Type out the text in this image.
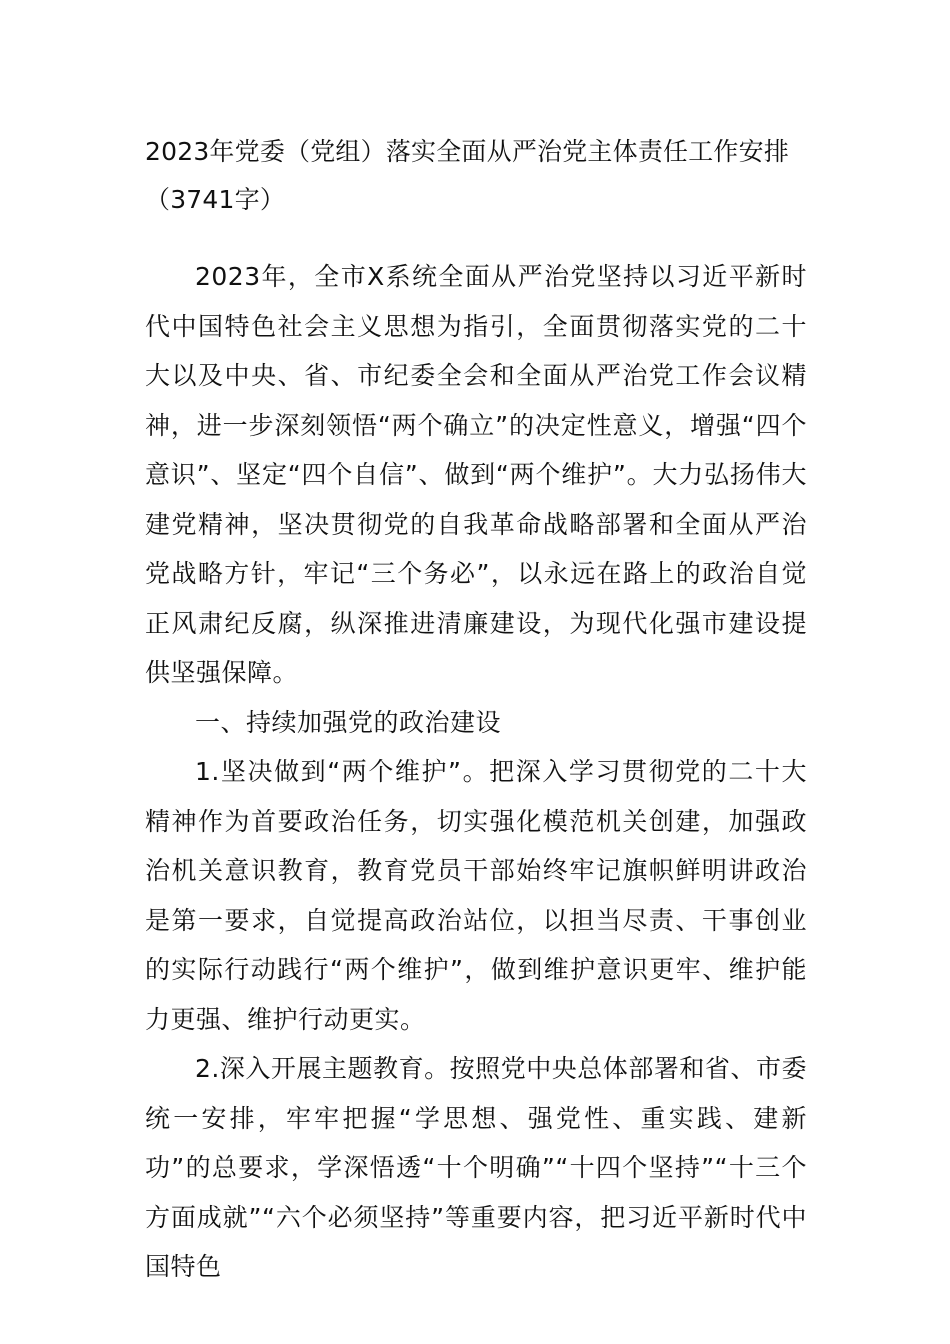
2023年党委（党组）落实全面从严治党主体责任工作安排（3741字）

2023年，全市X系统全面从严治党坚持以习近平新时代中国特色社会主义思想为指引，全面贯彻落实党的二十大以及中央、省、市纪委全会和全面从严治党工作会议精神，进一步深刻领悟“两个确立”的决定性意义，增强“四个意识”、坚定“四个自信”、做到“两个维护”。大力弘扬伟大建党精神，坚决贯彻党的自我革命战略部署和全面从严治党战略方针，牢记“三个务必”，以永远在路上的政治自觉正风肃纪反腐，纵深推进清廉建设，为现代化强市建设提供坚强保障。

一、持续加强党的政治建设

1.坚决做到“两个维护”。把深入学习贯彻党的二十大精神作为首要政治任务，切实强化模范机关创建，加强政治机关意识教育，教育党员干部始终牢记旗帜鲜明讲政治是第一要求，自觉提高政治站位，以担当尽责、干事创业的实际行动践行“两个维护”，做到维护意识更牢、维护能力更强、维护行动更实。

2.深入开展主题教育。按照党中央总体部署和省、市委统一安排，牢牢把握“学思想、强党性、重实践、建新功”的总要求，学深悟透“十个明确”“十四个坚持”“十三个方面成就”“六个必须坚持”等重要内容，把习近平新时代中国特色
